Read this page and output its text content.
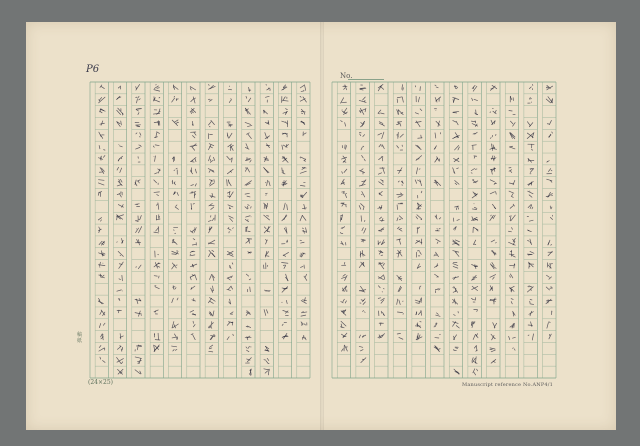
P6
No.
稿紙
(24×25)	Manuscript reference No.ANP4/1
